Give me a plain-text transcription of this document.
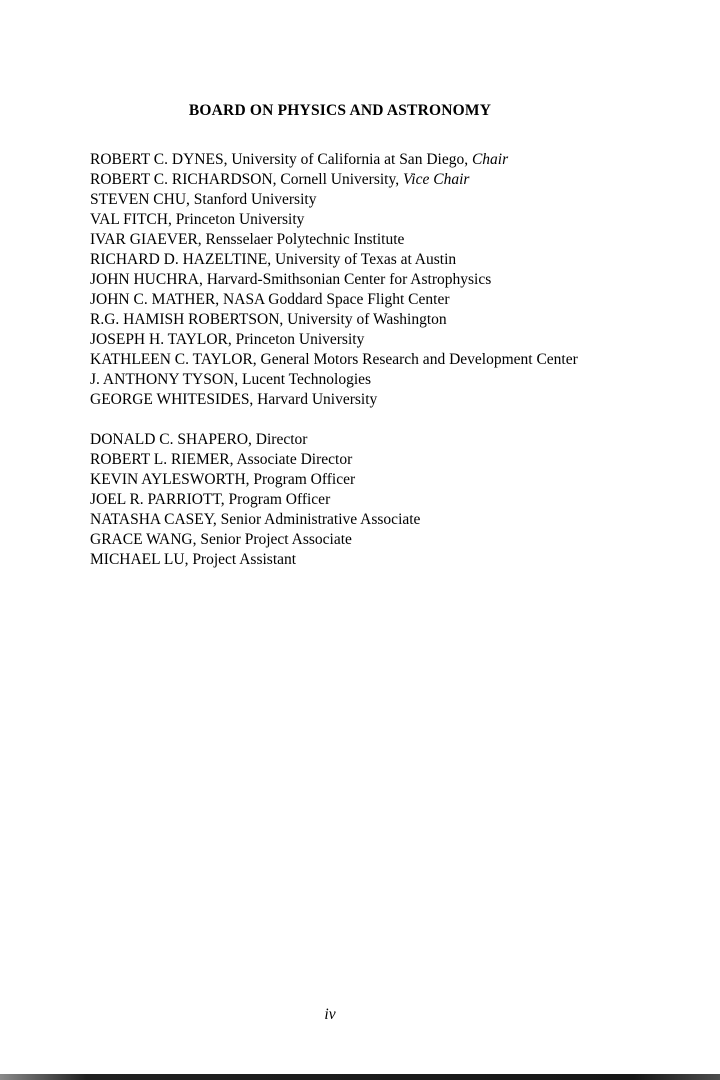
BOARD ON PHYSICS AND ASTRONOMY

ROBERT C. DYNES, University of California at San Diego, Chair

ROBERT C. RICHARDSON, Cornell University, Vice Chair

STEVEN CHU, Stanford University

VAL FITCH, Princeton University

IVAR GIAEVER, Rensselaer Polytechnic Institute

RICHARD D. HAZELTINE, University of Texas at Austin

JOHN HUCHRA, Harvard-Smithsonian Center for Astrophysics

JOHN C. MATHER, NASA Goddard Space Flight Center

R.G. HAMISH ROBERTSON, University of Washington

JOSEPH H. TAYLOR, Princeton University

KATHLEEN C. TAYLOR, General Motors Research and Development Center

J. ANTHONY TYSON, Lucent Technologies

GEORGE WHITESIDES, Harvard University

DONALD C. SHAPERO, Director

ROBERT L. RIEMER, Associate Director

KEVIN AYLESWORTH, Program Officer

JOEL R. PARRIOTT, Program Officer

NATASHA CASEY, Senior Administrative Associate

GRACE WANG, Senior Project Associate

MICHAEL LU, Project Assistant

iv
